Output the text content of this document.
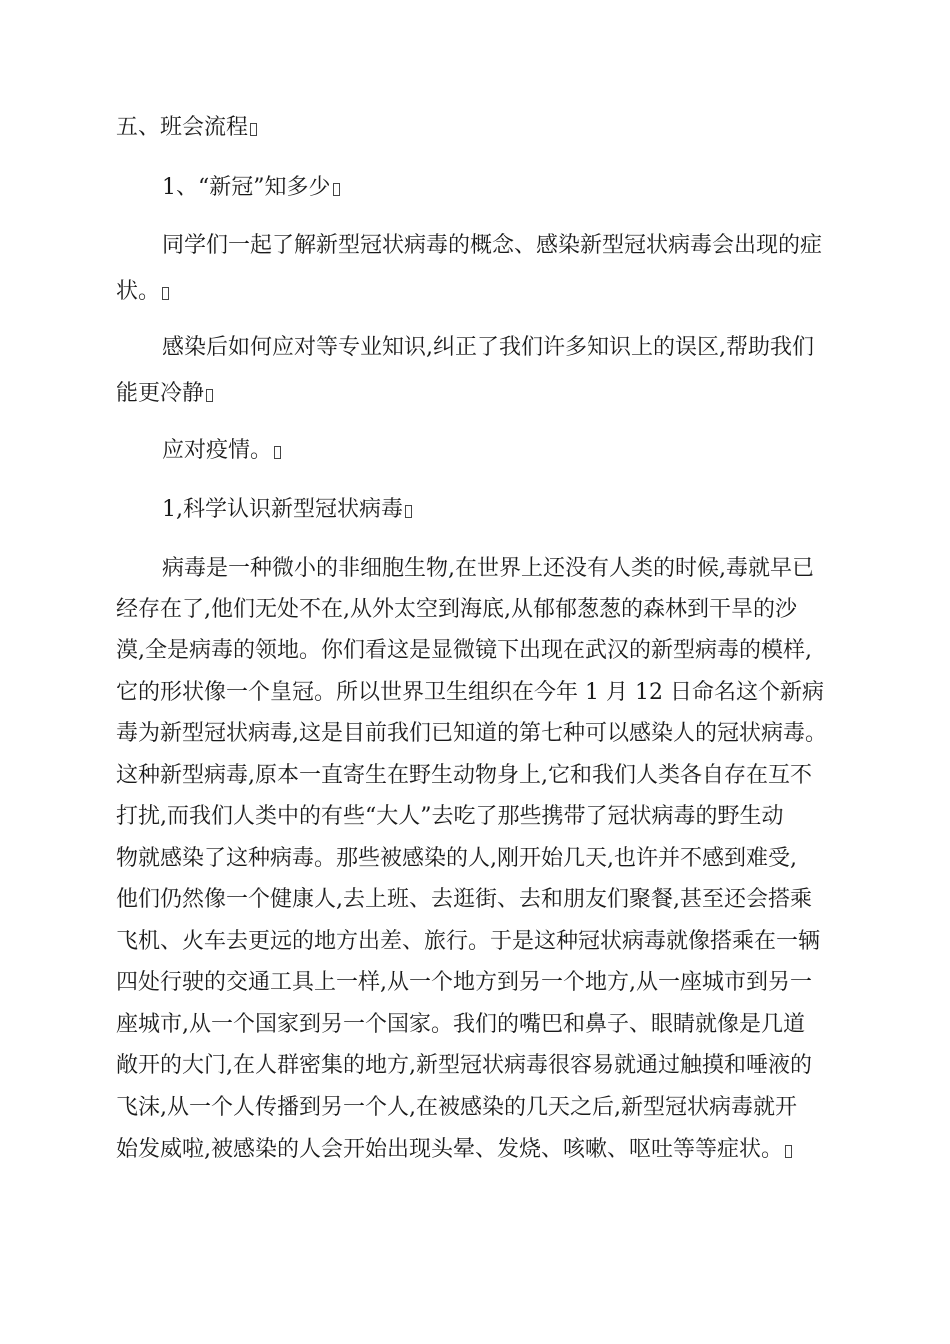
五、班会流程
1、“新冠”知多少
同学们一起了解新型冠状病毒的概念、感染新型冠状病毒会出现的症
状。
感染后如何应对等专业知识,纠正了我们许多知识上的误区,帮助我们
能更冷静
应对疫情。
1,科学认识新型冠状病毒
病毒是一种微小的非细胞生物,在世界上还没有人类的时候,毒就早已
经存在了,他们无处不在,从外太空到海底,从郁郁葱葱的森林到干旱的沙
漠,全是病毒的领地。你们看这是显微镜下出现在武汉的新型病毒的模样,
它的形状像一个皇冠。所以世界卫生组织在今年 1 月 12 日命名这个新病
毒为新型冠状病毒,这是目前我们已知道的第七种可以感染人的冠状病毒。
这种新型病毒,原本一直寄生在野生动物身上,它和我们人类各自存在互不
打扰,而我们人类中的有些“大人”去吃了那些携带了冠状病毒的野生动
物就感染了这种病毒。那些被感染的人,刚开始几天,也许并不感到难受,
他们仍然像一个健康人,去上班、去逛街、去和朋友们聚餐,甚至还会搭乘
飞机、火车去更远的地方出差、旅行。于是这种冠状病毒就像搭乘在一辆
四处行驶的交通工具上一样,从一个地方到另一个地方,从一座城市到另一
座城市,从一个国家到另一个国家。我们的嘴巴和鼻子、眼睛就像是几道
敞开的大门,在人群密集的地方,新型冠状病毒很容易就通过触摸和唾液的
飞沫,从一个人传播到另一个人,在被感染的几天之后,新型冠状病毒就开
始发威啦,被感染的人会开始出现头晕、发烧、咳嗽、呕吐等等症状。
